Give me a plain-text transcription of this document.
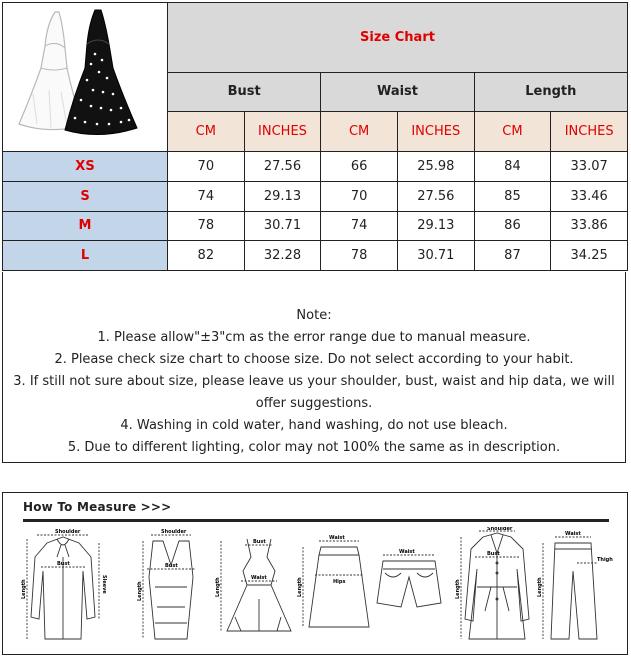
	Size Chart					
	Bust		Waist		Length	
	CM	INCHES	CM	INCHES	CM	INCHES
XS	70	27.56	66	25.98	84	33.07
S	74	29.13	70	27.56	85	33.46
M	78	30.71	74	29.13	86	33.86
L	82	32.28	78	30.71	87	34.25

Note:

1. Please allow"±3"cm as the error range due to manual measure.

2. Please check size chart to choose size. Do not select according to your habit.

3. If still not sure about size, please leave us your shoulder, bust, waist and hip data, we will offer suggestions.

4. Washing in cold water, hand washing, do not use bleach.

5. Due to different lighting, color may not 100% the same as in description.

How To Measure >>>
Shoulder
Bust
Length	Sleeve
Shoulder
Bust
Length
Bust
Waist
Length
Waist
Hips
Length
Waist
Shoulder
Bust
Length
Waist
Thigh
Length
